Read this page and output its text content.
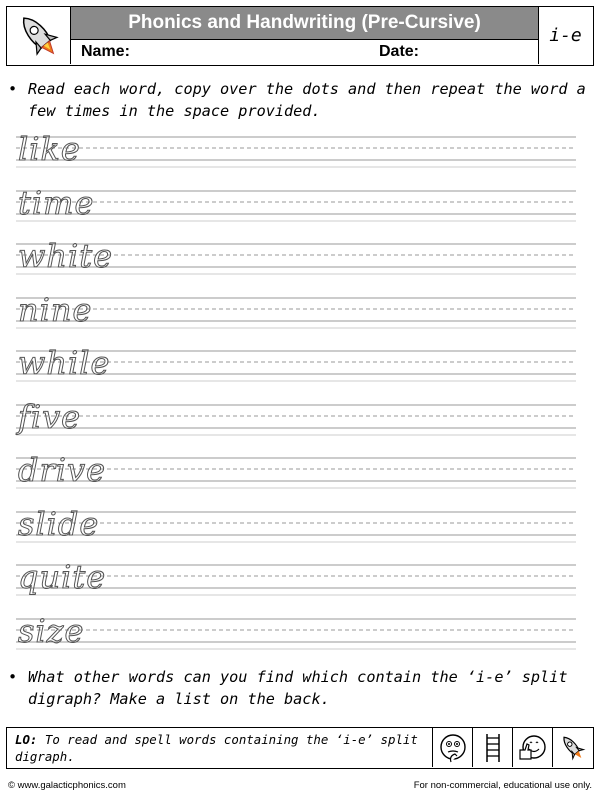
Phonics and Handwriting (Pre-Cursive)
Name:	Date:
i-e
• Read each word, copy over the dots and then repeat the word a few times in the space provided.
like
time
white
nine
while
five
drive
slide
quite
size
• What other words can you find which contain the ‘i-e’ split digraph? Make a list on the back.
LO: To read and spell words containing the ‘i-e’ split digraph.
© www.galacticphonics.com	For non-commercial, educational use only.
